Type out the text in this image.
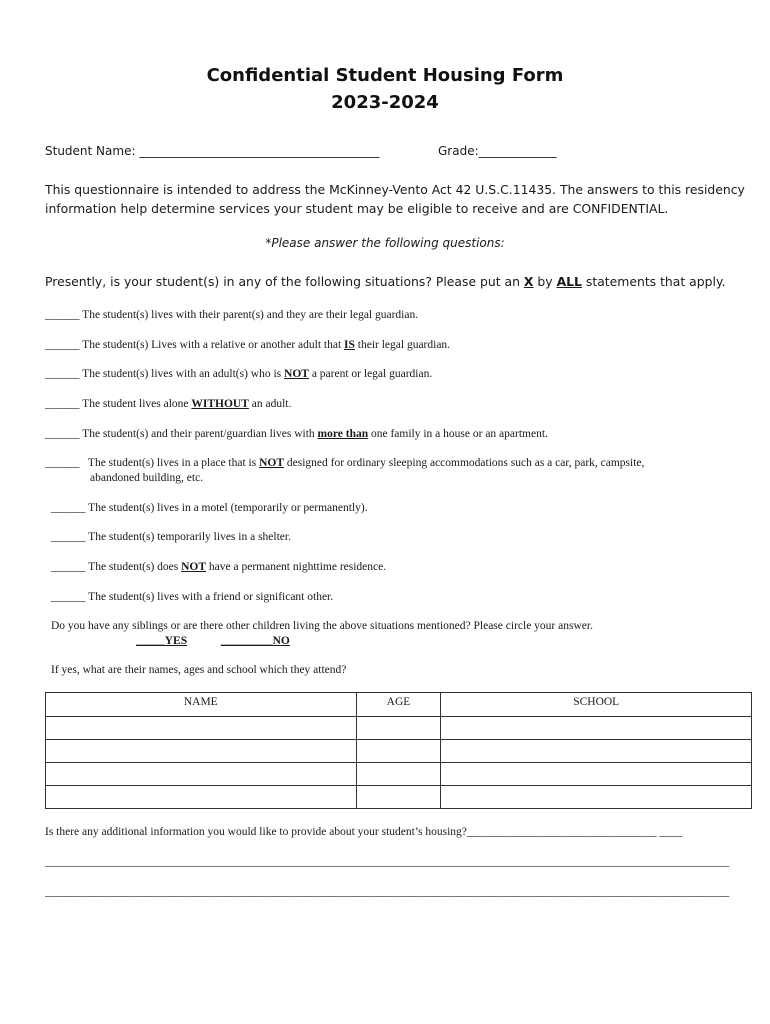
Confidential Student Housing Form
2023-2024
Student Name: ________________________________________	Grade:_____________
This questionnaire is intended to address the McKinney-Vento Act 42 U.S.C.11435. The answers to this residency information help determine services your student may be eligible to receive and are CONFIDENTIAL.
*Please answer the following questions:
Presently, is your student(s) in any of the following situations? Please put an X by ALL statements that apply.
______ The student(s) lives with their parent(s) and they are their legal guardian.
______ The student(s) Lives with a relative or another adult that IS their legal guardian.
______ The student(s) lives with an adult(s) who is NOT a parent or legal guardian.
______ The student lives alone WITHOUT an adult.
______ The student(s) and their parent/guardian lives with more than one family in a house or an apartment.
______   The student(s) lives in a place that is NOT designed for ordinary sleeping accommodations such as a car, park, campsite,
abandoned building, etc.
______ The student(s) lives in a motel (temporarily or permanently).
______ The student(s) temporarily lives in a shelter.
______ The student(s) does NOT have a permanent nighttime residence.
______ The student(s) lives with a friend or significant other.
Do you have any siblings or are there other children living the above situations mentioned? Please circle your answer.
_____YES	_________NO
If yes, what are their names, ages and school which they attend?
NAME	AGE	SCHOOL

Is there any additional information you would like to provide about your student’s housing?_________________________________ ____
_______________________________________________________________________________________________________________________
_______________________________________________________________________________________________________________________
